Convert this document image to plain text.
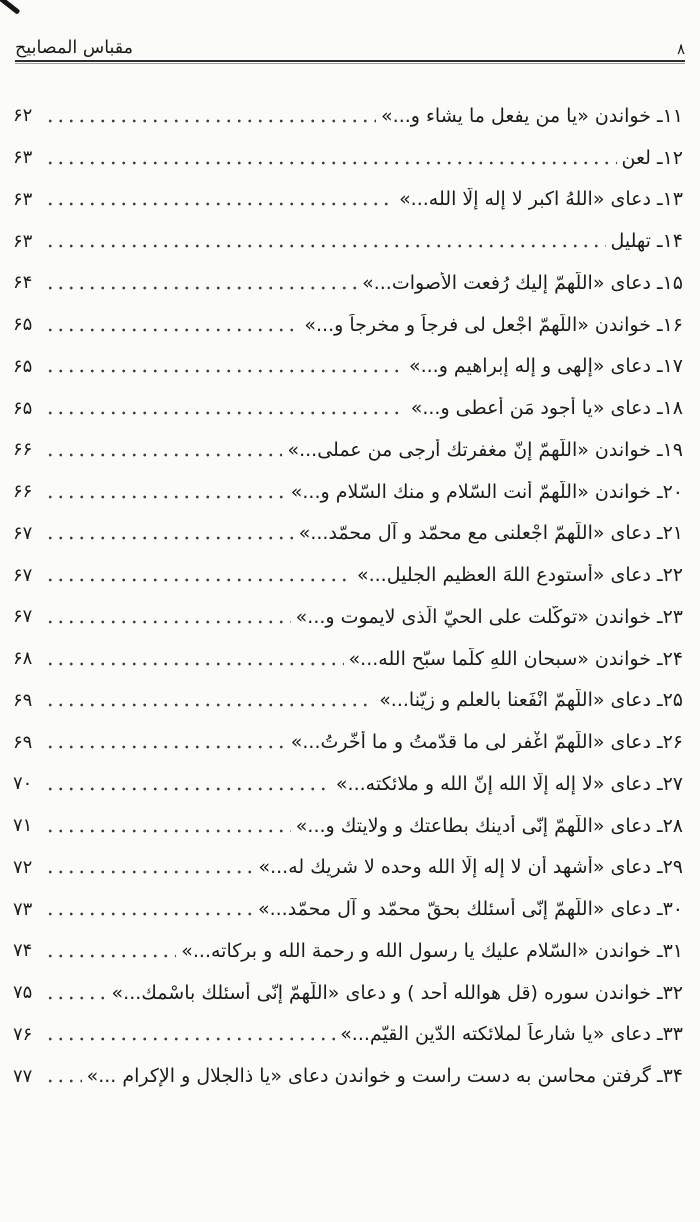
مقباس المصابيح	۸
۱۱ـ خواندن «يا من يفعل ما يشاء و...»
۶۲
۱۲ـ لعن
۶۳
۱۳ـ دعاى «اللهُ اكبر لا إله إلّا الله...»
۶۳
۱۴ـ تهليل
۶۳
۱۵ـ دعاى «اللّهمّ إليك رُفعت الأصوات...»
۶۴
۱۶ـ خواندن «اللّهمّ اجْعل لى فرجاً و مخرجاً و...»
۶۵
۱۷ـ دعاى «إلهى و إله إبراهيم و...»
۶۵
۱۸ـ دعاى «يا أجود مَن أعطى و...»
۶۵
۱۹ـ خواندن «اللّهمّ إنّ مغفرتك أرجى من عملى...»
۶۶
۲۰ـ خواندن «اللّهمّ أنت السّلام و منك السّلام و...»
۶۶
۲۱ـ دعاى «اللّهمّ اجْعلنى مع محمّد و آل محمّد...»
۶۷
۲۲ـ دعاى «أستودع اللهَ العظيم الجليل...»
۶۷
۲۳ـ خواندن «توكّلت على الحيّ الّذى لايموت و...»
۶۷
۲۴ـ خواندن «سبحان اللهِ كلّما سبّح الله...»
۶۸
۲۵ـ دعاى «اللّهمّ انْفَعنا بالعلم و زيّنا...»
۶۹
۲۶ـ دعاى «اللّهمّ اغْفر لى ما قدّمتُ و ما أخّرتُ...»
۶۹
۲۷ـ دعاى «لا إله إلّا الله إنّ الله و ملائكته...»
۷۰
۲۸ـ دعاى «اللّهمّ إنّى أدينك بطاعتك و ولايتك و...»
۷۱
۲۹ـ دعاى «أشهد أن لا إله إلّا الله وحده لا شريك له...»
۷۲
۳۰ـ دعاى «اللّهمّ إنّى أسئلك بحقّ محمّد و آل محمّد...»
۷۳
۳۱ـ خواندن «السّلام عليك يا رسول الله و رحمة الله و بركاته...»
۷۴
۳۲ـ خواندن سوره (قل هوالله أحد ) و دعاى «اللّهمّ إنّى أسئلك باسْمك...»
۷۵
۳۳ـ دعاى «يا شارعاً لملائكته الدّين القيّم...»
۷۶
۳۴ـ گرفتن محاسن به دست راست و خواندن دعاى «يا ذالجلال و الإكرام ...»
۷۷
